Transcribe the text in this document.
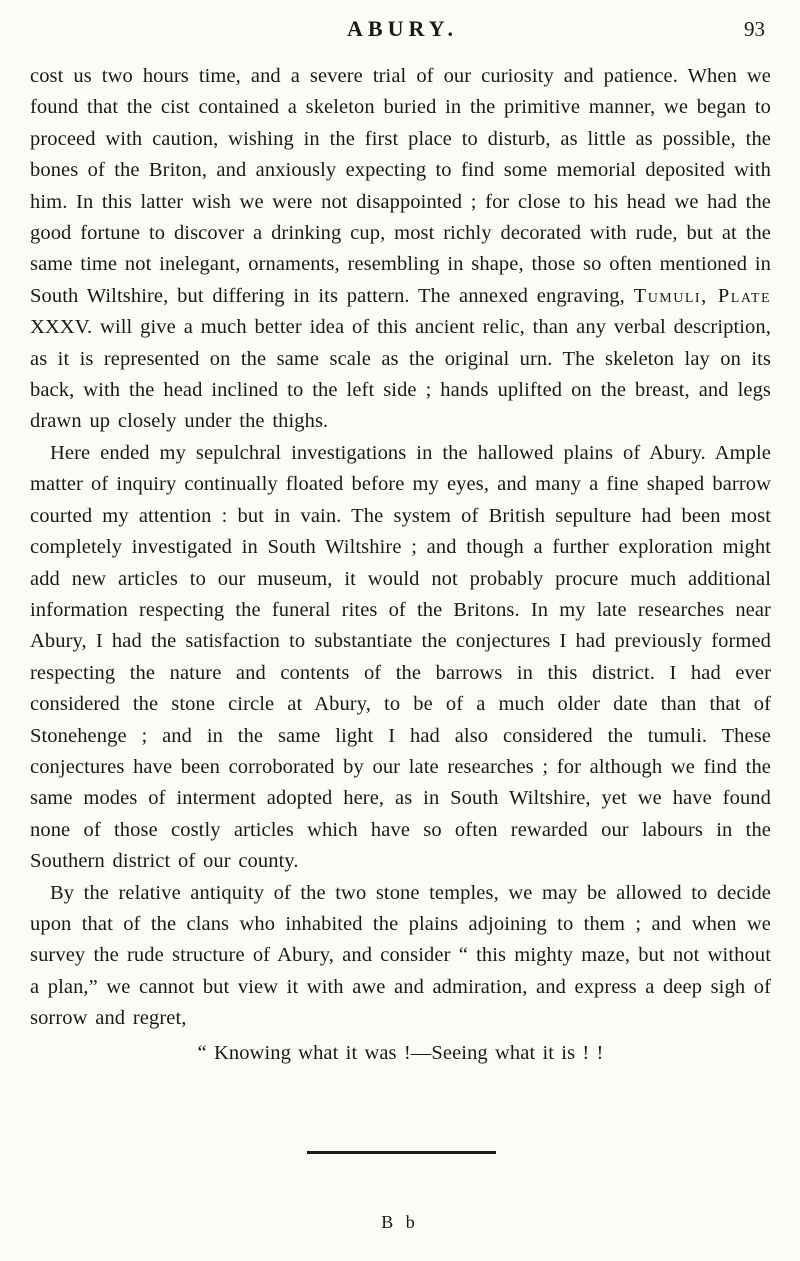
ABURY.	93

cost us two hours time, and a severe trial of our curiosity and patience. When we found that the cist contained a skeleton buried in the primitive manner, we began to proceed with caution, wishing in the first place to disturb, as little as possible, the bones of the Briton, and anxiously expecting to find some memorial deposited with him. In this latter wish we were not disappointed ; for close to his head we had the good fortune to discover a drinking cup, most richly decorated with rude, but at the same time not inelegant, ornaments, resembling in shape, those so often mentioned in South Wiltshire, but differing in its pattern. The annexed engraving, Tumuli, Plate XXXV. will give a much better idea of this ancient relic, than any verbal description, as it is represented on the same scale as the original urn. The skeleton lay on its back, with the head inclined to the left side ; hands uplifted on the breast, and legs drawn up closely under the thighs.

Here ended my sepulchral investigations in the hallowed plains of Abury. Ample matter of inquiry continually floated before my eyes, and many a fine shaped barrow courted my attention : but in vain. The system of British sepulture had been most completely investigated in South Wiltshire ; and though a further exploration might add new articles to our museum, it would not probably procure much additional information respecting the funeral rites of the Britons. In my late researches near Abury, I had the satisfaction to substantiate the conjectures I had previously formed respecting the nature and contents of the barrows in this district. I had ever considered the stone circle at Abury, to be of a much older date than that of Stonehenge ; and in the same light I had also considered the tumuli. These conjectures have been corroborated by our late researches ; for although we find the same modes of interment adopted here, as in South Wiltshire, yet we have found none of those costly articles which have so often rewarded our labours in the Southern district of our county.

By the relative antiquity of the two stone temples, we may be allowed to decide upon that of the clans who inhabited the plains adjoining to them ; and when we survey the rude structure of Abury, and consider “ this mighty maze, but not without a plan,” we cannot but view it with awe and admiration, and express a deep sigh of sorrow and regret,

“ Knowing what it was !—Seeing what it is ! !
B b
